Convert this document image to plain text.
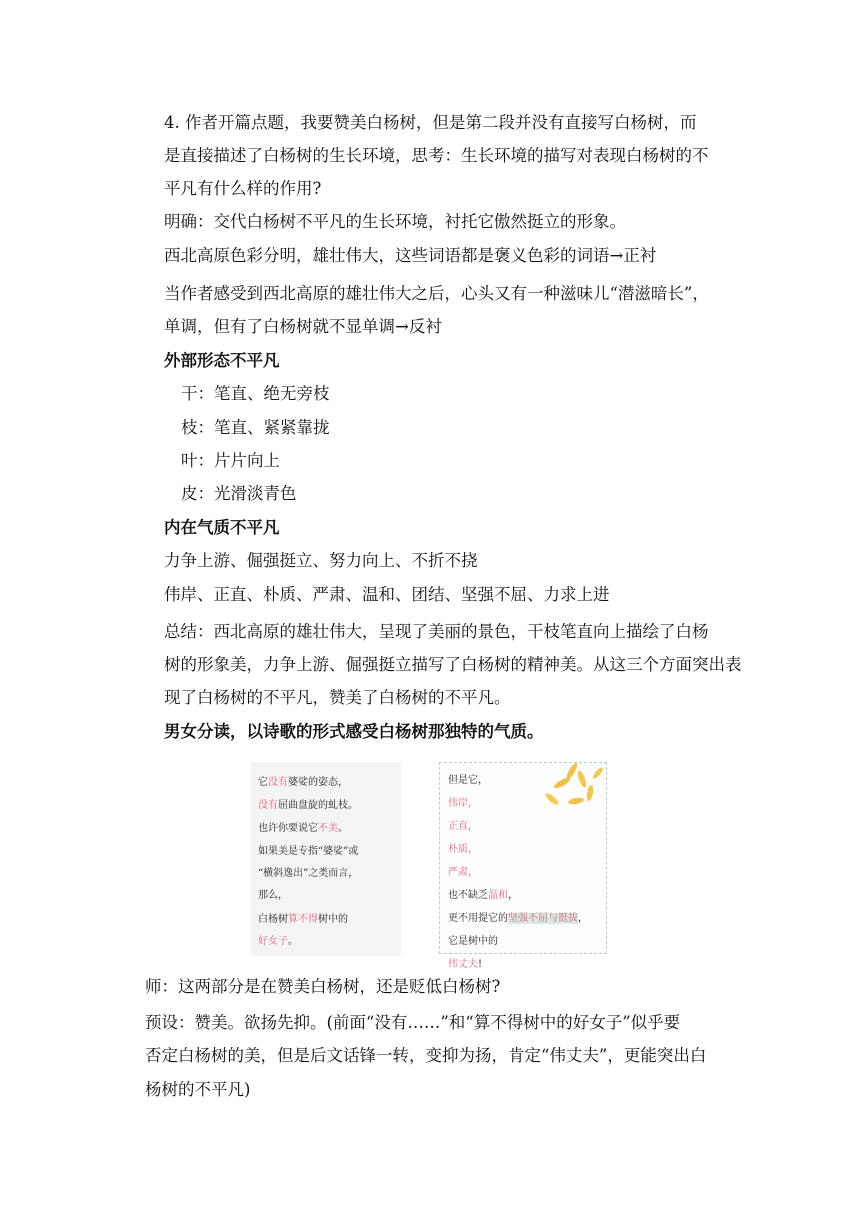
4. 作者开篇点题，我要赞美白杨树，但是第二段并没有直接写白杨树，而
是直接描述了白杨树的生长环境，思考：生长环境的描写对表现白杨树的不
平凡有什么样的作用?
明确：交代白杨树不平凡的生长环境，衬托它傲然挺立的形象。
西北高原色彩分明，雄壮伟大，这些词语都是褒义色彩的词语→正衬
当作者感受到西北高原的雄壮伟大之后，心头又有一种滋味儿“潜滋暗长”，
单调，但有了白杨树就不显单调→反衬
外部形态不平凡
干：笔直、绝无旁枝
枝：笔直、紧紧靠拢
叶：片片向上
皮：光滑淡青色
内在气质不平凡
力争上游、倔强挺立、努力向上、不折不挠
伟岸、正直、朴质、严肃、温和、团结、坚强不屈、力求上进
总结：西北高原的雄壮伟大，呈现了美丽的景色，干枝笔直向上描绘了白杨
树的形象美，力争上游、倔强挺立描写了白杨树的精神美。从这三个方面突出表
现了白杨树的不平凡，赞美了白杨树的不平凡。
男女分读，以诗歌的形式感受白杨树那独特的气质。
它没有婆娑的姿态，
没有屈曲盘旋的虬枝。
也许你要说它不美。
如果美是专指“婆娑”或
“横斜逸出”之类而言，
那么，
白杨树算不得树中的
好女子。
但是它，
伟岸，
正直，
朴质，
严肃，
也不缺乏温和，
更不用提它的坚强不屈与挺拔，
它是树中的
伟丈夫!
师：这两部分是在赞美白杨树，还是贬低白杨树?
预设：赞美。欲扬先抑。(前面“没有……”和“算不得树中的好女子”似乎要
否定白杨树的美，但是后文话锋一转，变抑为扬，肯定“伟丈夫”，更能突出白
杨树的不平凡)
